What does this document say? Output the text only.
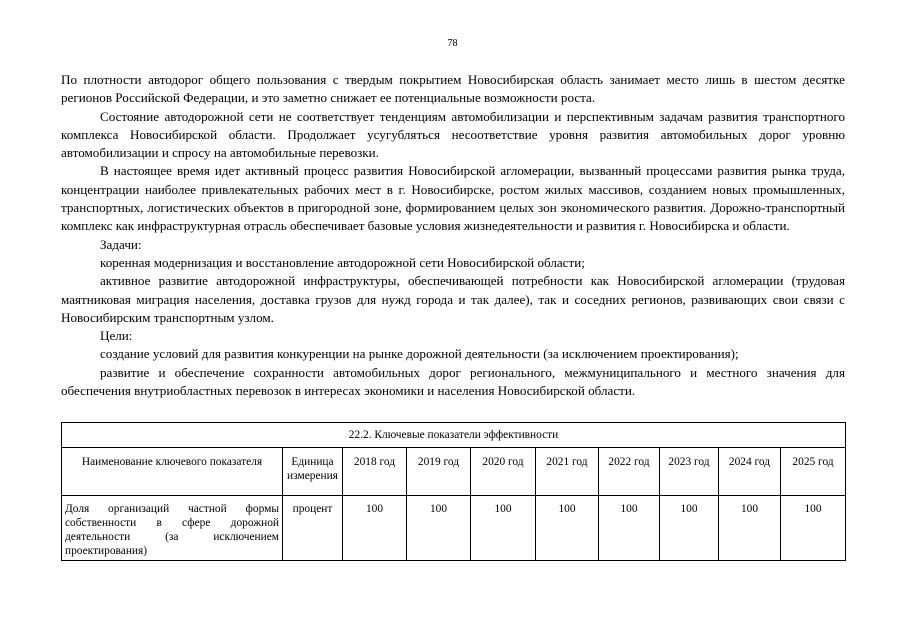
78

По плотности автодорог общего пользования с твердым покрытием Новосибирская область занимает место лишь в шестом десятке регионов Российской Федерации, и это заметно снижает ее потенциальные возможности роста.

Состояние автодорожной сети не соответствует тенденциям автомобилизации и перспективным задачам развития транспортного комплекса Новосибирской области. Продолжает усугубляться несоответствие уровня развития автомобильных дорог уровню автомобилизации и спросу на автомобильные перевозки.

В настоящее время идет активный процесс развития Новосибирской агломерации, вызванный процессами развития рынка труда, концентрации наиболее привлекательных рабочих мест в г. Новосибирске, ростом жилых массивов, созданием новых промышленных, транспортных, логистических объектов в пригородной зоне, формированием целых зон экономического развития. Дорожно-транспортный комплекс как инфраструктурная отрасль обеспечивает базовые условия жизнедеятельности и развития г. Новосибирска и области.

Задачи:

коренная модернизация и восстановление автодорожной сети Новосибирской области;

активное развитие автодорожной инфраструктуры, обеспечивающей потребности как Новосибирской агломерации (трудовая маятниковая миграция населения, доставка грузов для нужд города и так далее), так и соседних регионов, развивающих свои связи с Новосибирским транспортным узлом.

Цели:

создание условий для развития конкуренции на рынке дорожной деятельности (за исключением проектирования);

развитие и обеспечение сохранности автомобильных дорог регионального, межмуниципального и местного значения для обеспечения внутриобластных перевозок в интересах экономики и населения Новосибирской области.

22.2. Ключевые показатели эффективности									
Наименование ключевого показателя	Единица измерения	2018 год	2019 год	2020 год	2021 год	2022 год	2023 год	2024 год	2025 год
Доля организаций частной формы собственности в сфере дорожной деятельности (за исключением проектирования)	процент	100	100	100	100	100	100	100	100
